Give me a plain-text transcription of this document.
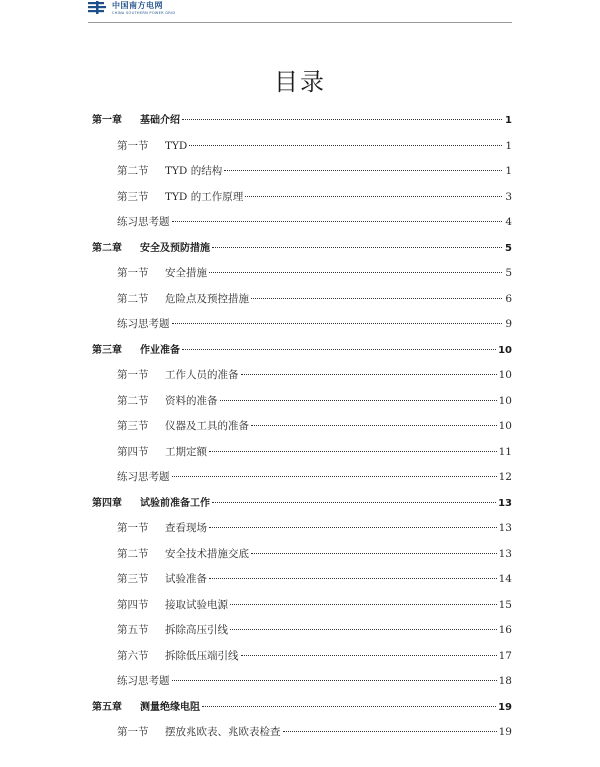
中国南方电网
CHINA SOUTHERN POWER GRID
目录
第一章	基础介绍	1
第一节	TYD	1
第二节	TYD 的结构	1
第三节	TYD 的工作原理	3
练习思考题	4
第二章	安全及预防措施	5
第一节	安全措施	5
第二节	危险点及预控措施	6
练习思考题	9
第三章	作业准备	10
第一节	工作人员的准备	10
第二节	资料的准备	10
第三节	仪器及工具的准备	10
第四节	工期定额	11
练习思考题	12
第四章	试验前准备工作	13
第一节	查看现场	13
第二节	安全技术措施交底	13
第三节	试验准备	14
第四节	接取试验电源	15
第五节	拆除高压引线	16
第六节	拆除低压端引线	17
练习思考题	18
第五章	测量绝缘电阻	19
第一节	摆放兆欧表、兆欧表检查	19
